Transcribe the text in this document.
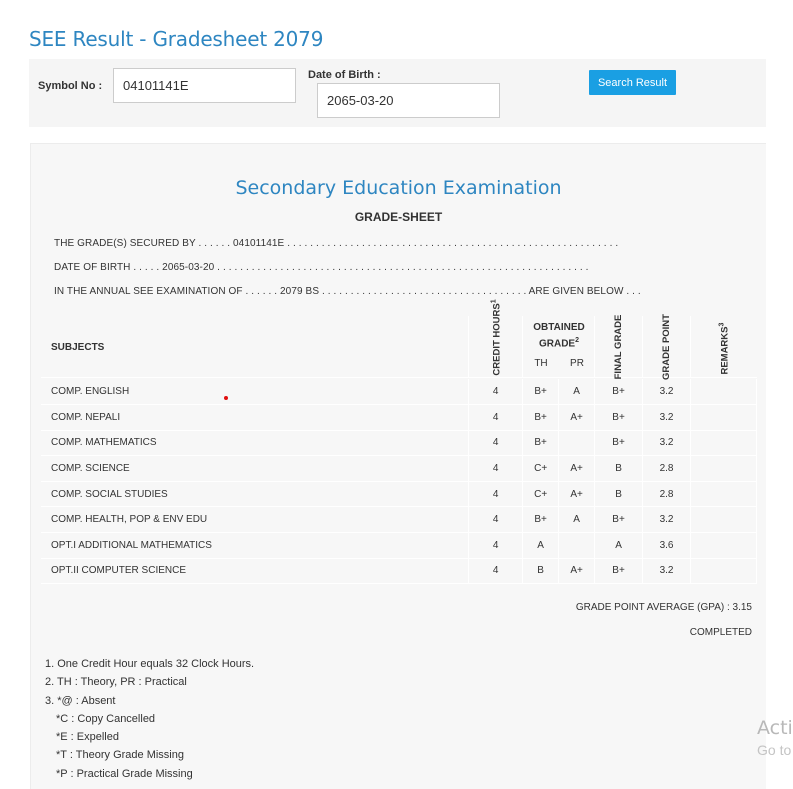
SEE Result - Gradesheet 2079
Symbol No :	04101141E
Date of Birth :
2065-03-20
Search Result
Secondary Education Examination
GRADE-SHEET
THE GRADE(S) SECURED BY . . . . . . 04101141E . . . . . . . . . . . . . . . . . . . . . . . . . . . . . . . . . . . . . . . . . . . . . . . . . . . . . . . . . .
DATE OF BIRTH . . . . . 2065-03-20 . . . . . . . . . . . . . . . . . . . . . . . . . . . . . . . . . . . . . . . . . . . . . . . . . . . . . . . . . . . . . . . . .
IN THE ANNUAL SEE EXAMINATION OF . . . . . . 2079 BS . . . . . . . . . . . . . . . . . . . . . . . . . . . . . . . . . . . . ARE GIVEN BELOW . . .
SUBJECTS	CREDIT HOURS$^1$
OBTAINED GRADE$^2$
TH	PR	FINAL GRADE	GRADE POINT	REMARKS$^3$
COMP. ENGLISH	4	B+	A	B+	3.2	
COMP. NEPALI	4	B+	A+	B+	3.2	
COMP. MATHEMATICS	4	B+		B+	3.2	
COMP. SCIENCE	4	C+	A+	B	2.8	
COMP. SOCIAL STUDIES	4	C+	A+	B	2.8	
COMP. HEALTH, POP & ENV EDU	4	B+	A	B+	3.2	
OPT.I ADDITIONAL MATHEMATICS	4	A		A	3.6	
OPT.II COMPUTER SCIENCE	4	B	A+	B+	3.2	
GRADE POINT AVERAGE (GPA) : 3.15
COMPLETED
1. One Credit Hour equals 32 Clock Hours.
2. TH : Theory, PR : Practical
3. *@ : Absent
*C : Copy Cancelled
*E : Expelled
*T : Theory Grade Missing
*P : Practical Grade Missing
Acti
Go to
